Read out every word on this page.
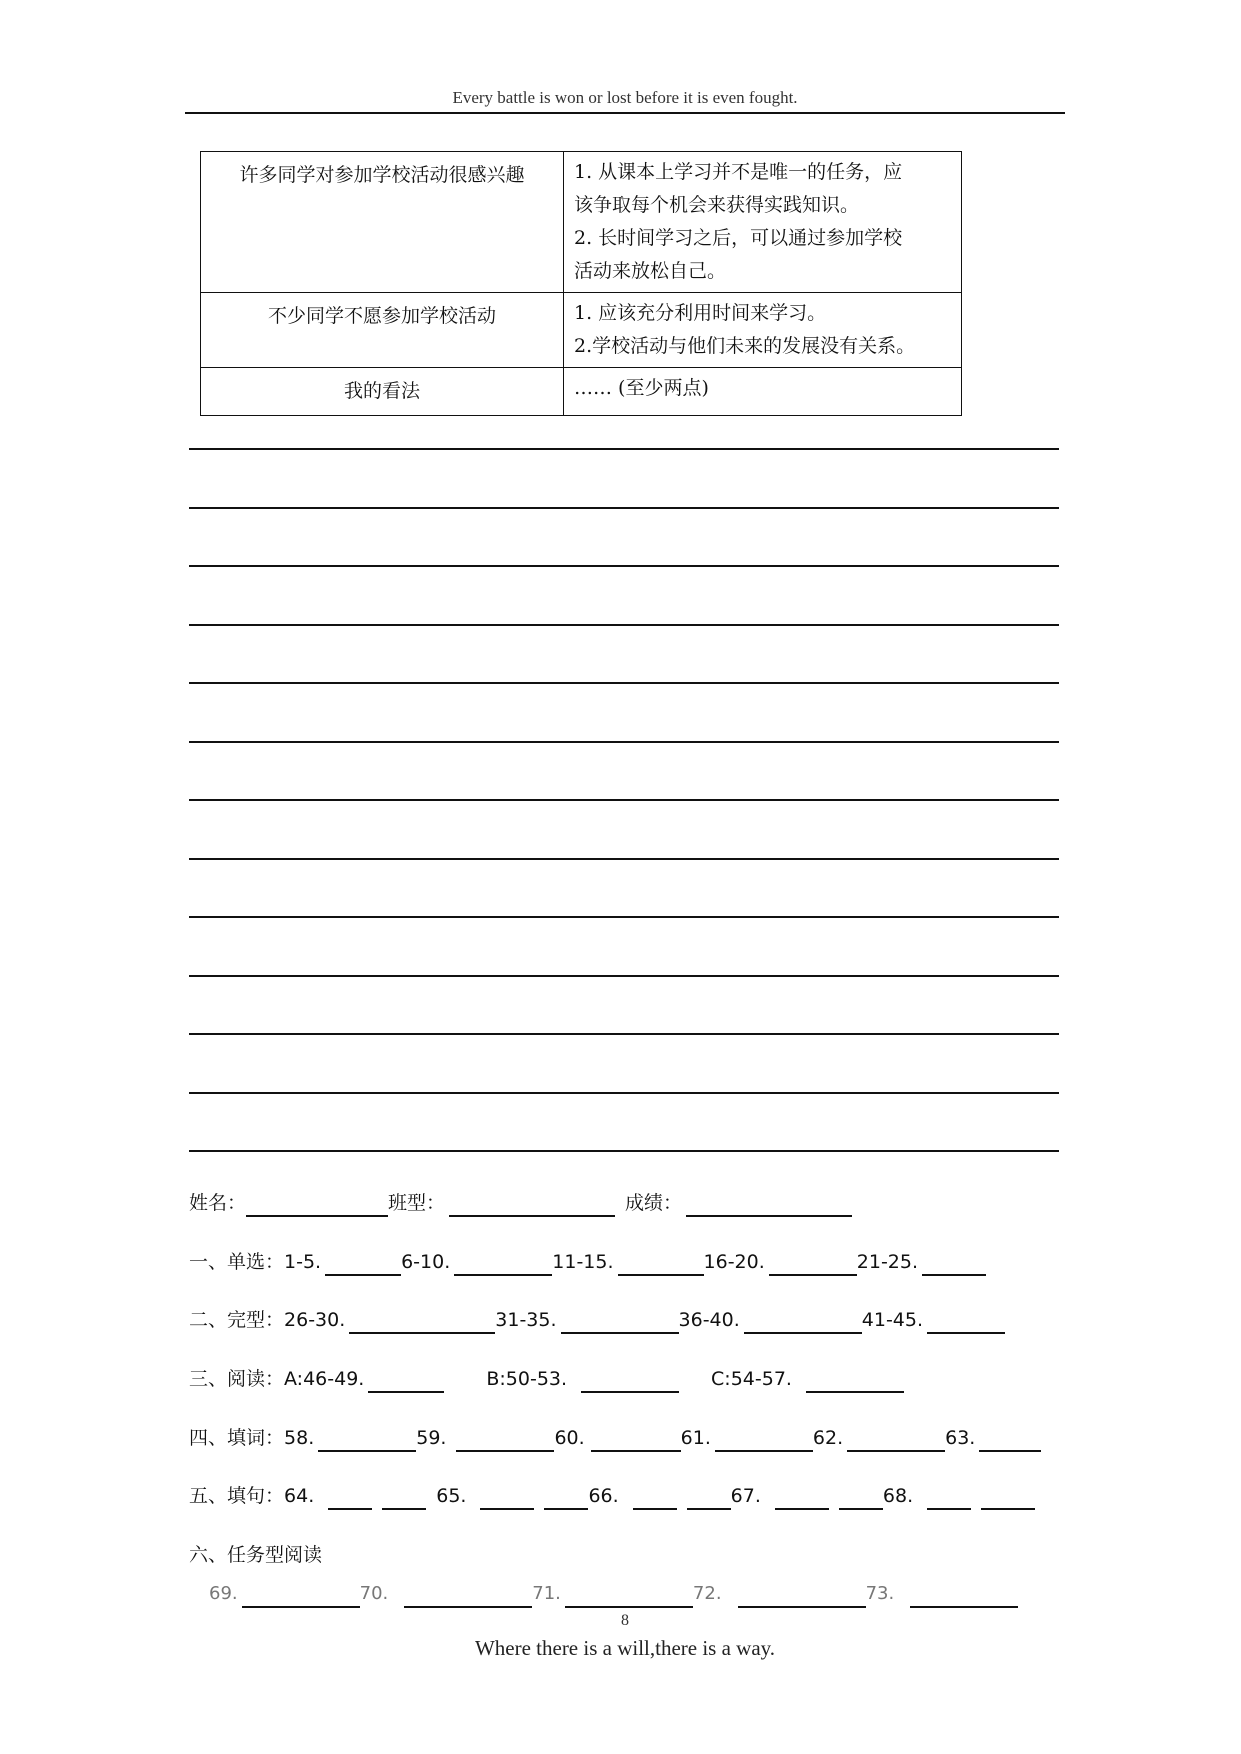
Every battle is won or lost before it is even fought.
许多同学对参加学校活动很感兴趣	1. 从课本上学习并不是唯一的任务，应
该争取每个机会来获得实践知识。
2. 长时间学习之后，可以通过参加学校
活动来放松自己。

不少同学不愿参加学校活动	1. 应该充分利用时间来学习。
2.学校活动与他们未来的发展没有关系。

我的看法	…… (至少两点)
姓名：	班型：	成绩：
一、单选：1-5.	6-10.	11-15.	16-20.	21-25.
二、完型：26-30.	31-35.	36-40.	41-45.
三、阅读：A:46-49.	B:50-53.	C:54-57.
四、填词：58.	59.	60.	61.	62.	63.
五、填句：64.	65.	66.	67.	68.
六、任务型阅读
69.	70.	71.	72.	73.
8
Where there is a will,there is a way.
